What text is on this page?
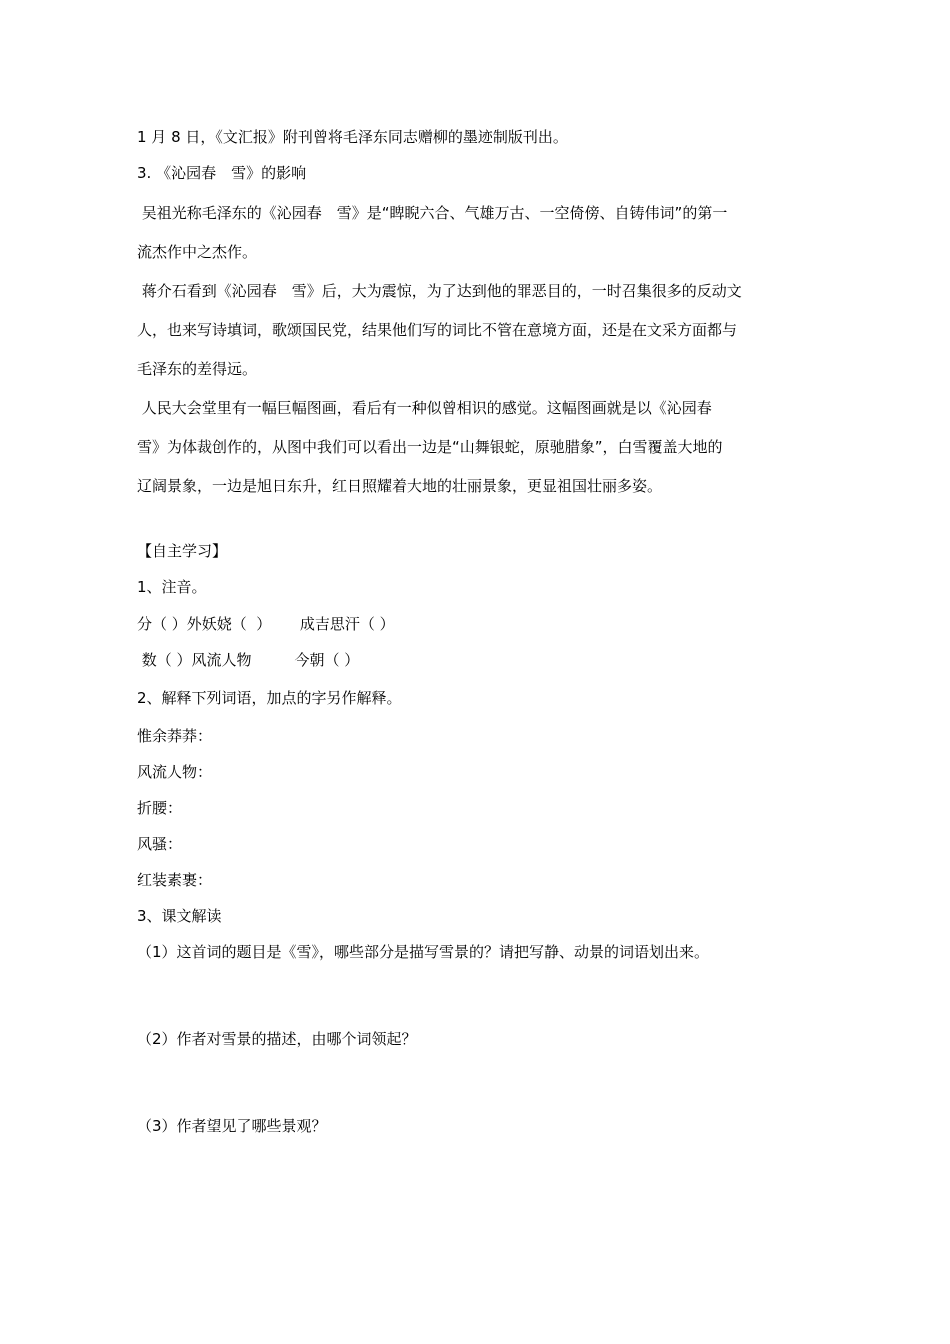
1 月 8 日，《文汇报》附刊曾将毛泽东同志赠柳的墨迹制版刊出。
3. 《沁园春　雪》的影响
吴祖光称毛泽东的《沁园春　雪》是“睥睨六合、气雄万古、一空倚傍、自铸伟词”的第一
流杰作中之杰作。
蒋介石看到《沁园春　雪》后，大为震惊，为了达到他的罪恶目的，一时召集很多的反动文
人，也来写诗填词，歌颂国民党，结果他们写的词比不管在意境方面，还是在文采方面都与
毛泽东的差得远。
人民大会堂里有一幅巨幅图画，看后有一种似曾相识的感觉。这幅图画就是以《沁园春
雪》为体裁创作的，从图中我们可以看出一边是“山舞银蛇，原驰腊象”，白雪覆盖大地的
辽阔景象，一边是旭日东升，红日照耀着大地的壮丽景象，更显祖国壮丽多姿。
【自主学习】
1、注音。
分（ ）外妖娆（  ）      成吉思汗（ ）
数（ ）风流人物         今朝（ ）
2、解释下列词语，加点的字另作解释。
惟余莽莽：
风流人物：
折腰：
风骚：
红装素裹：
3、课文解读
（1）这首词的题目是《雪》，哪些部分是描写雪景的？请把写静、动景的词语划出来。
（2）作者对雪景的描述，由哪个词领起？
（3）作者望见了哪些景观？
